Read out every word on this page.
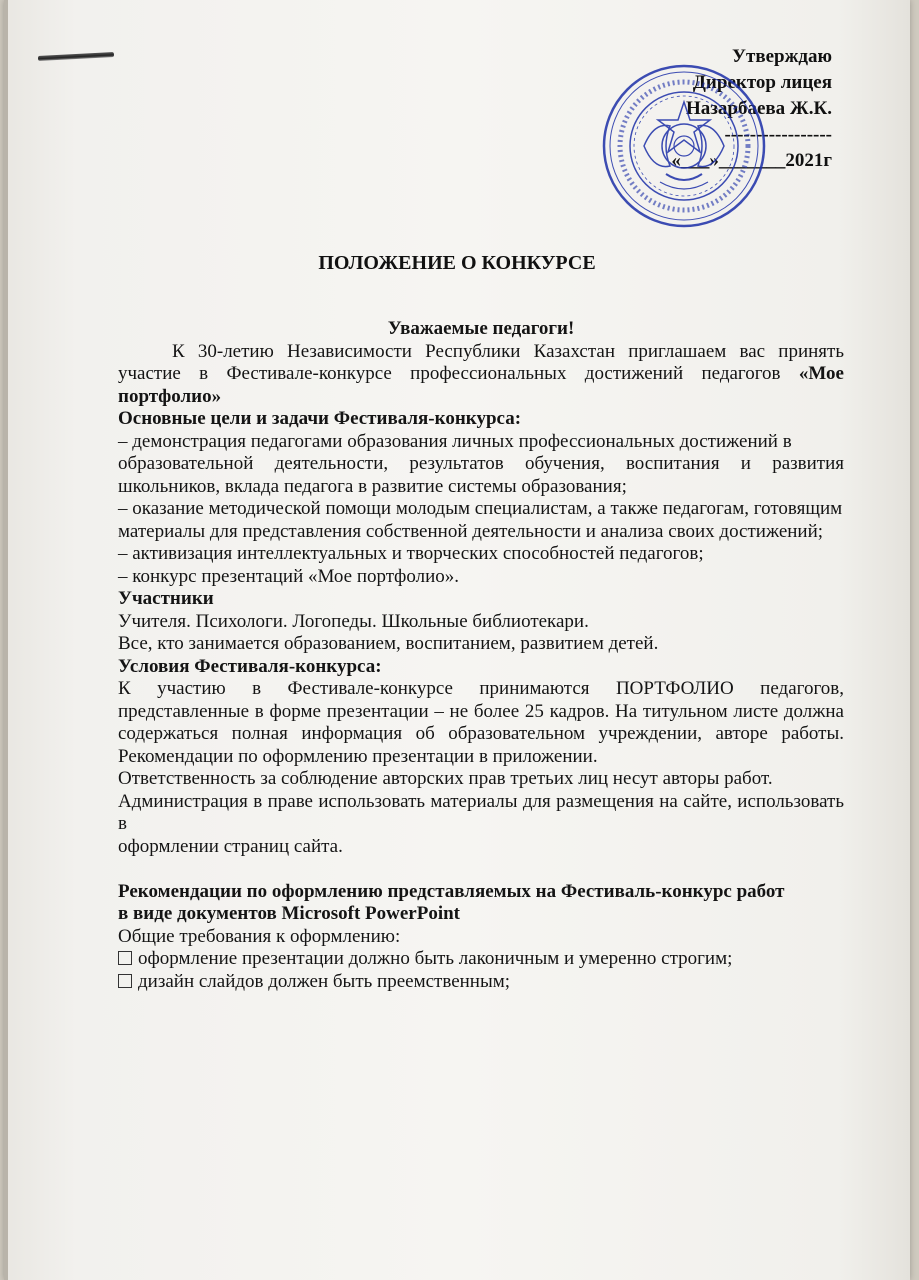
Утверждаю
Директор лицея
Назарбаева Ж.К.
-----------------
«___»_______2021г
ПОЛОЖЕНИЕ О КОНКУРСЕ

Уважаемые педагоги!

К 30-летию Независимости Республики Казахстан приглашаем вас принять участие в Фестивале-конкурсе профессиональных достижений педагогов «Мое портфолио»

Основные цели и задачи Фестиваля-конкурса:

– демонстрация педагогами образования личных профессиональных достижений в

образовательной деятельности, результатов обучения, воспитания и развития школьников, вклада педагога в развитие системы образования;

– оказание методической помощи молодым специалистам, а также педагогам, готовящим

материалы для представления собственной деятельности и анализа своих достижений;

– активизация интеллектуальных и творческих способностей педагогов;

– конкурс презентаций «Мое портфолио».

Участники

Учителя. Психологи. Логопеды. Школьные библиотекари.

Все, кто занимается образованием, воспитанием, развитием детей.

Условия Фестиваля-конкурса:

К участию в Фестивале-конкурсе принимаются ПОРТФОЛИО педагогов, представленные в форме презентации – не более 25 кадров. На титульном листе должна содержаться полная информация об образовательном учреждении, авторе работы. Рекомендации по оформлению презентации в приложении.

Ответственность за соблюдение авторских прав третьих лиц несут авторы работ.

Администрация в праве использовать материалы для размещения на сайте, использовать в

оформлении страниц сайта.

Рекомендации по оформлению представляемых на Фестиваль-конкурс работ

в виде документов Microsoft PowerPoint

Общие требования к оформлению:

оформление презентации должно быть лаконичным и умеренно строгим;

дизайн слайдов должен быть преемственным;
